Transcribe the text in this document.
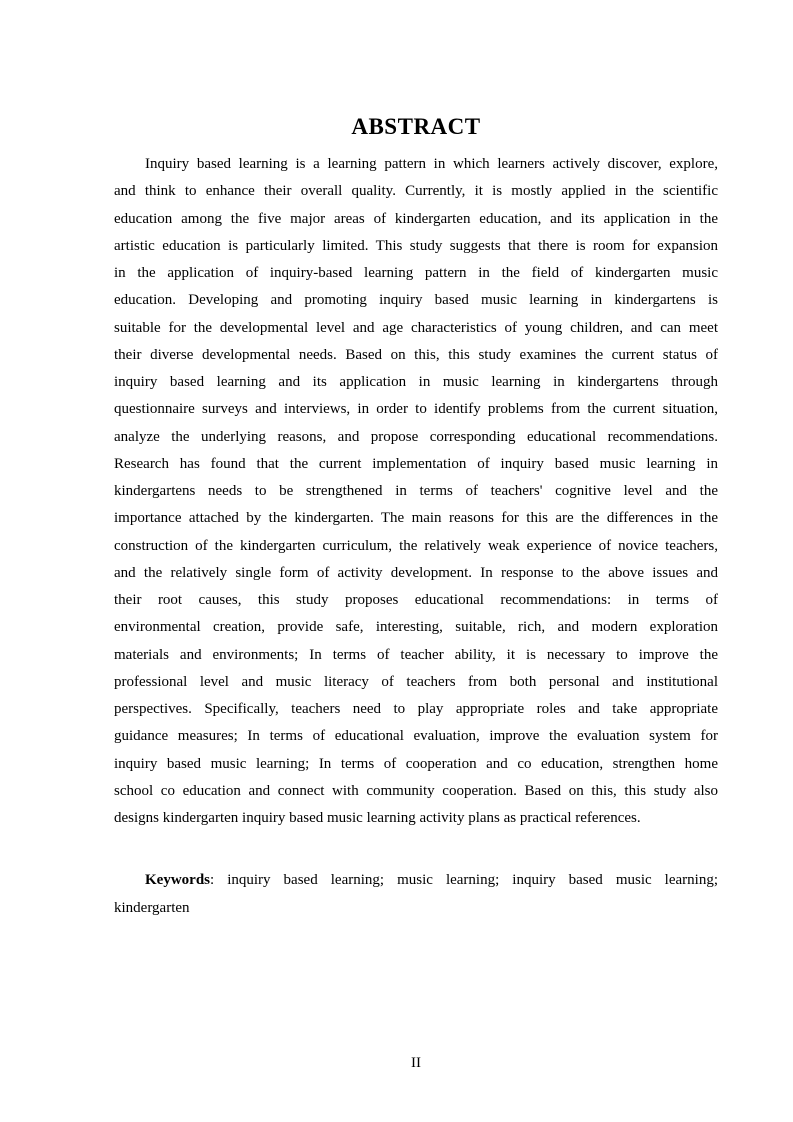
ABSTRACT
Inquiry based learning is a learning pattern in which learners actively discover, explore,
and think to enhance their overall quality. Currently, it is mostly applied in the scientific
education among the five major areas of kindergarten education, and its application in the
artistic education is particularly limited. This study suggests that there is room for expansion
in the application of inquiry-based learning pattern in the field of kindergarten music
education. Developing and promoting inquiry based music learning in kindergartens is
suitable for the developmental level and age characteristics of young children, and can meet
their diverse developmental needs. Based on this, this study examines the current status of
inquiry based learning and its application in music learning in kindergartens through
questionnaire surveys and interviews, in order to identify problems from the current situation,
analyze the underlying reasons, and propose corresponding educational recommendations.
Research has found that the current implementation of inquiry based music learning in
kindergartens needs to be strengthened in terms of teachers' cognitive level and the
importance attached by the kindergarten. The main reasons for this are the differences in the
construction of the kindergarten curriculum, the relatively weak experience of novice teachers,
and the relatively single form of activity development. In response to the above issues and
their root causes, this study proposes educational recommendations: in terms of
environmental creation, provide safe, interesting, suitable, rich, and modern exploration
materials and environments; In terms of teacher ability, it is necessary to improve the
professional level and music literacy of teachers from both personal and institutional
perspectives. Specifically, teachers need to play appropriate roles and take appropriate
guidance measures; In terms of educational evaluation, improve the evaluation system for
inquiry based music learning; In terms of cooperation and co education, strengthen home
school co education and connect with community cooperation. Based on this, this study also
designs kindergarten inquiry based music learning activity plans as practical references.
Keywords: inquiry based learning; music learning; inquiry based music learning;
kindergarten
II
